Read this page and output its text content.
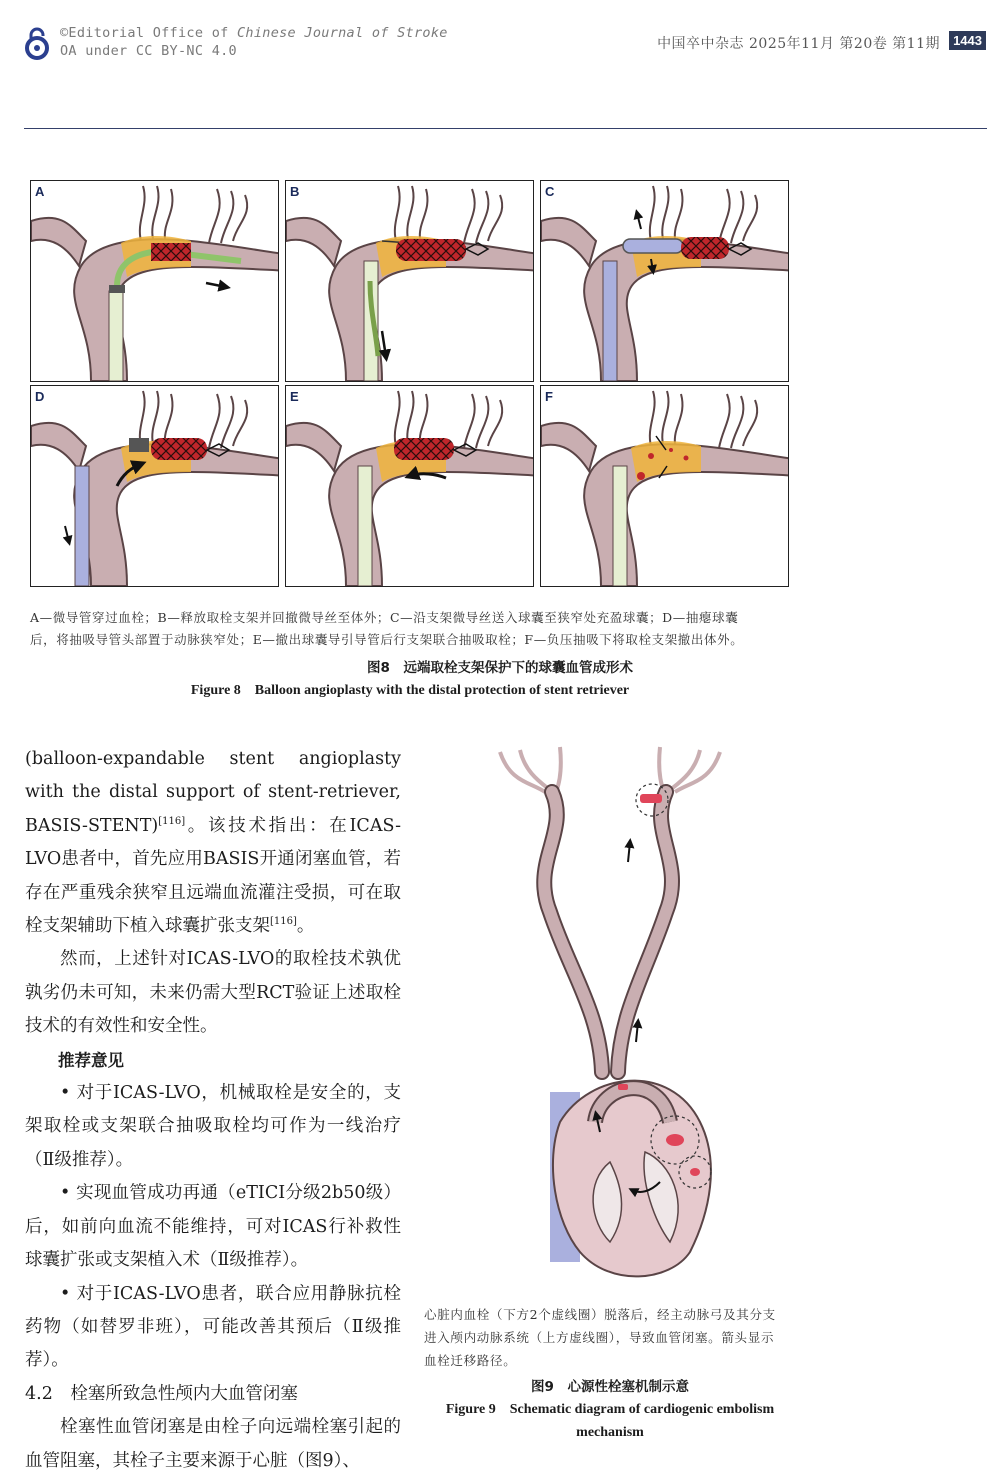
©Editorial Office of Chinese Journal of Stroke
OA under CC BY-NC 4.0	中国卒中杂志 2025年11月 第20卷 第11期	1443
A	B	C
D	E	F
A—微导管穿过血栓；B—释放取栓支架并回撤微导丝至体外；C—沿支架微导丝送入球囊至狭窄处充盈球囊；D—抽瘪球囊
后，将抽吸导管头部置于动脉狭窄处；E—撤出球囊导引导管后行支架联合抽吸取栓；F—负压抽吸下将取栓支架撤出体外。
图8　远端取栓支架保护下的球囊血管成形术
Figure 8　Balloon angioplasty with the distal protection of stent retriever

(balloon-expandable stent angioplasty with the distal support of stent-retriever, BASIS-STENT)[116]。该技术指出：在ICAS-LVO患者中，首先应用BASIS开通闭塞血管，若存在严重残余狭窄且远端血流灌注受损，可在取栓支架辅助下植入球囊扩张支架[116]。

然而，上述针对ICAS-LVO的取栓技术孰优孰劣仍未可知，未来仍需大型RCT验证上述取栓技术的有效性和安全性。

推荐意见

• 对于ICAS-LVO，机械取栓是安全的，支架取栓或支架联合抽吸取栓均可作为一线治疗（Ⅱ级推荐）。

• 实现血管成功再通（eTICI分级2b50级）后，如前向血流不能维持，可对ICAS行补救性球囊扩张或支架植入术（Ⅱ级推荐）。

• 对于ICAS-LVO患者，联合应用静脉抗栓药物（如替罗非班），可能改善其预后（Ⅱ级推荐）。

4.2　栓塞所致急性颅内大血管闭塞

栓塞性血管闭塞是由栓子向远端栓塞引起的血管阻塞，其栓子主要来源于心脏（图9）、

心脏内血栓（下方2个虚线圈）脱落后，经主动脉弓及其分支
进入颅内动脉系统（上方虚线圈），导致血管闭塞。箭头显示
血栓迁移路径。
图9　心源性栓塞机制示意
Figure 9　Schematic diagram of cardiogenic embolism
mechanism
